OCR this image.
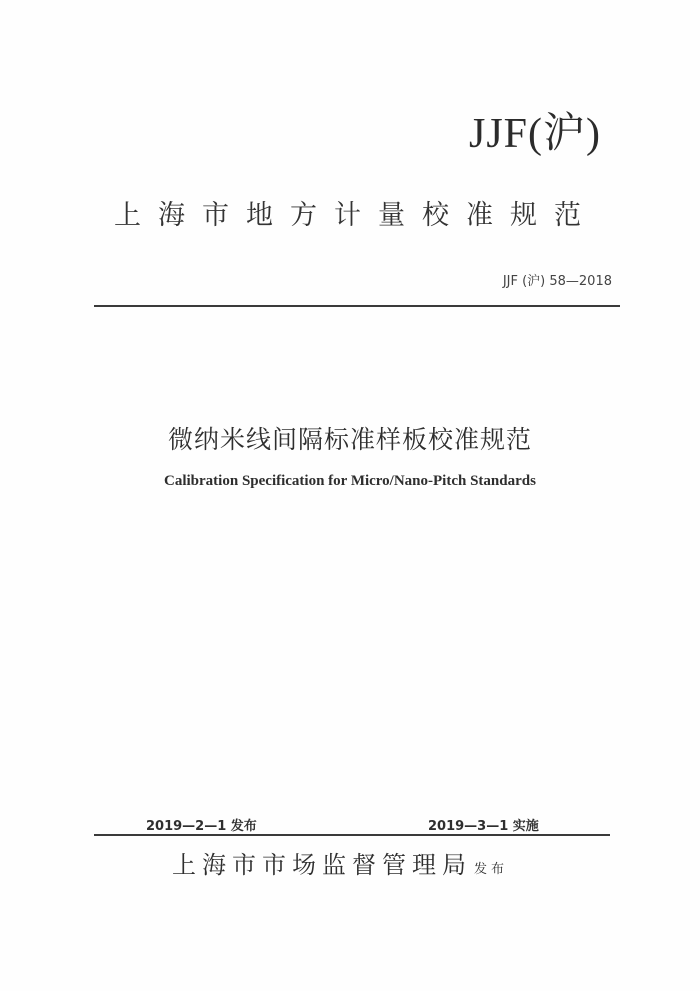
JJF(沪)
上海市地方计量校准规范
JJF (沪) 58—2018
微纳米线间隔标准样板校准规范
Calibration Specification for Micro/Nano-Pitch Standards
2019—2—1 发布	2019—3—1 实施
上海市市场监督管理局 发布
